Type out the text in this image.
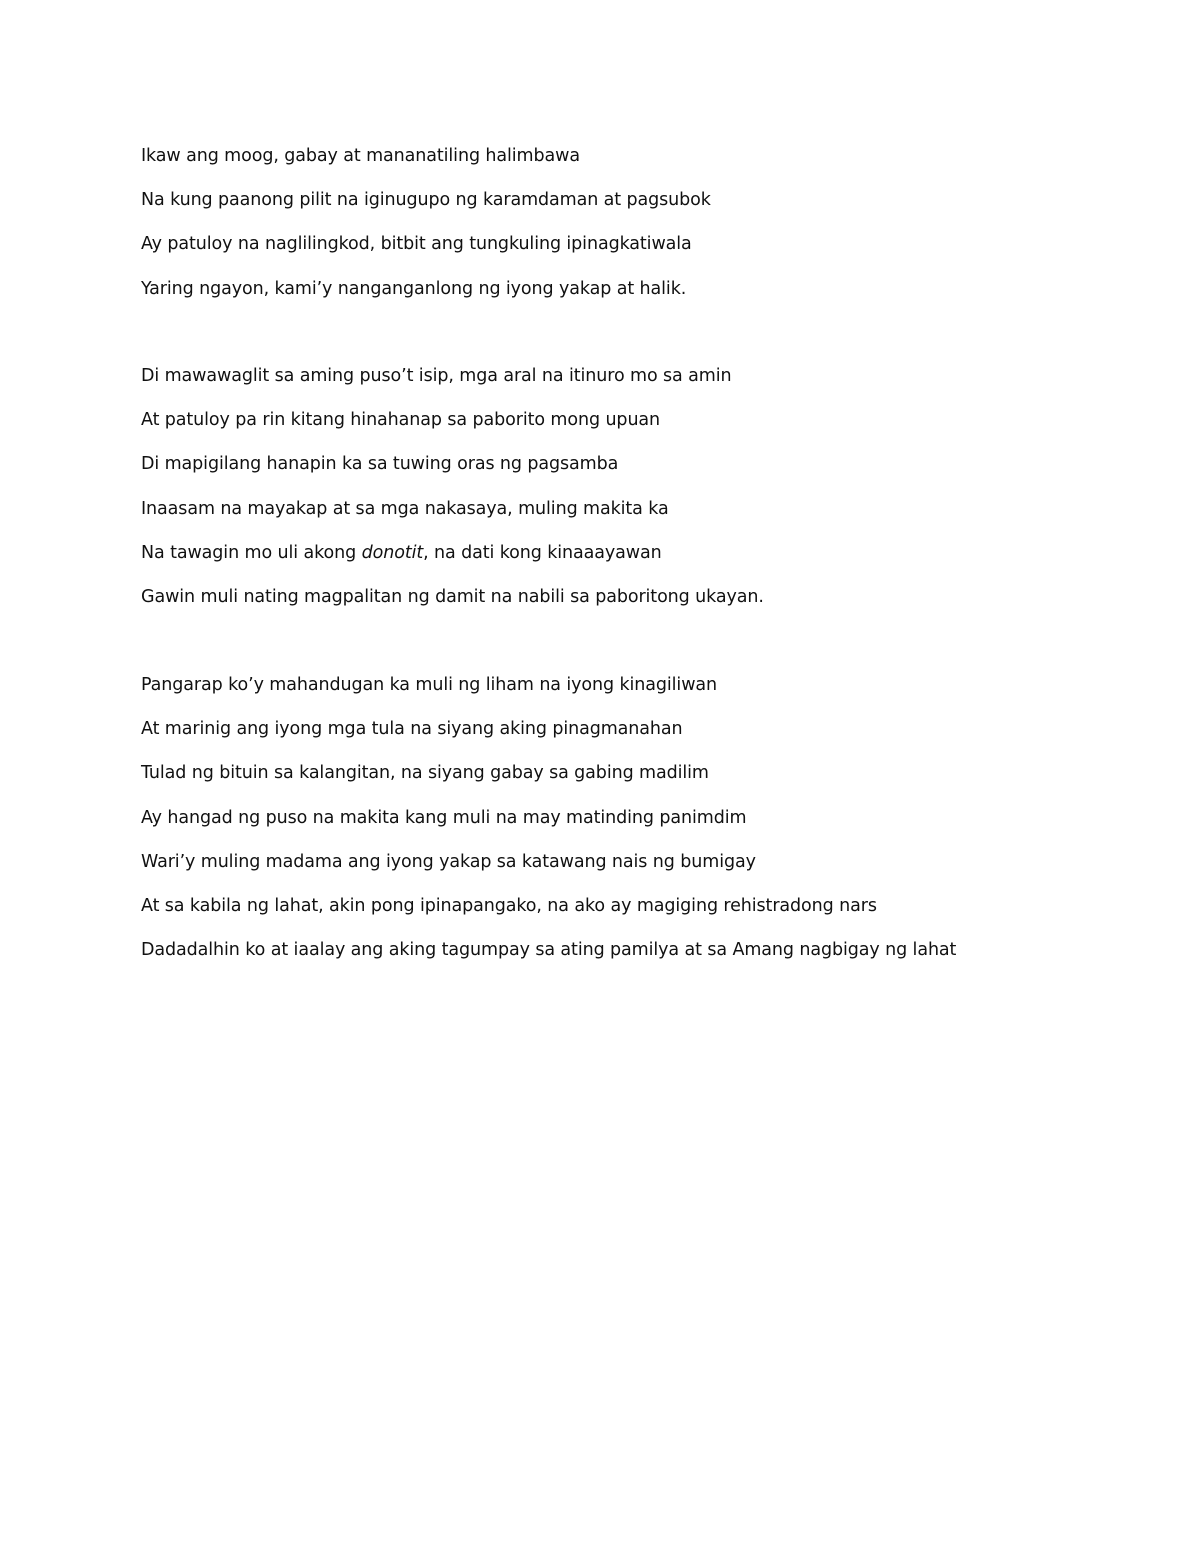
Ikaw ang moog, gabay at mananatiling halimbawa
Na kung paanong pilit na iginugupo ng karamdaman at pagsubok
Ay patuloy na naglilingkod, bitbit ang tungkuling ipinagkatiwala
Yaring ngayon, kami’y nanganganlong ng iyong yakap at halik.
Di mawawaglit sa aming puso’t isip, mga aral na itinuro mo sa amin
At patuloy pa rin kitang hinahanap sa paborito mong upuan
Di mapigilang hanapin ka sa tuwing oras ng pagsamba
Inaasam na mayakap at sa mga nakasaya, muling makita ka
Na tawagin mo uli akong donotit, na dati kong kinaaayawan
Gawin muli nating magpalitan ng damit na nabili sa paboritong ukayan.
Pangarap ko’y mahandugan ka muli ng liham na iyong kinagiliwan
At marinig ang iyong mga tula na siyang aking pinagmanahan
Tulad ng bituin sa kalangitan, na siyang gabay sa gabing madilim
Ay hangad ng puso na makita kang muli na may matinding panimdim
Wari’y muling madama ang iyong yakap sa katawang nais ng bumigay
At sa kabila ng lahat, akin pong ipinapangako, na ako ay magiging rehistradong nars
Dadadalhin ko at iaalay ang aking tagumpay sa ating pamilya at sa Amang nagbigay ng lahat
